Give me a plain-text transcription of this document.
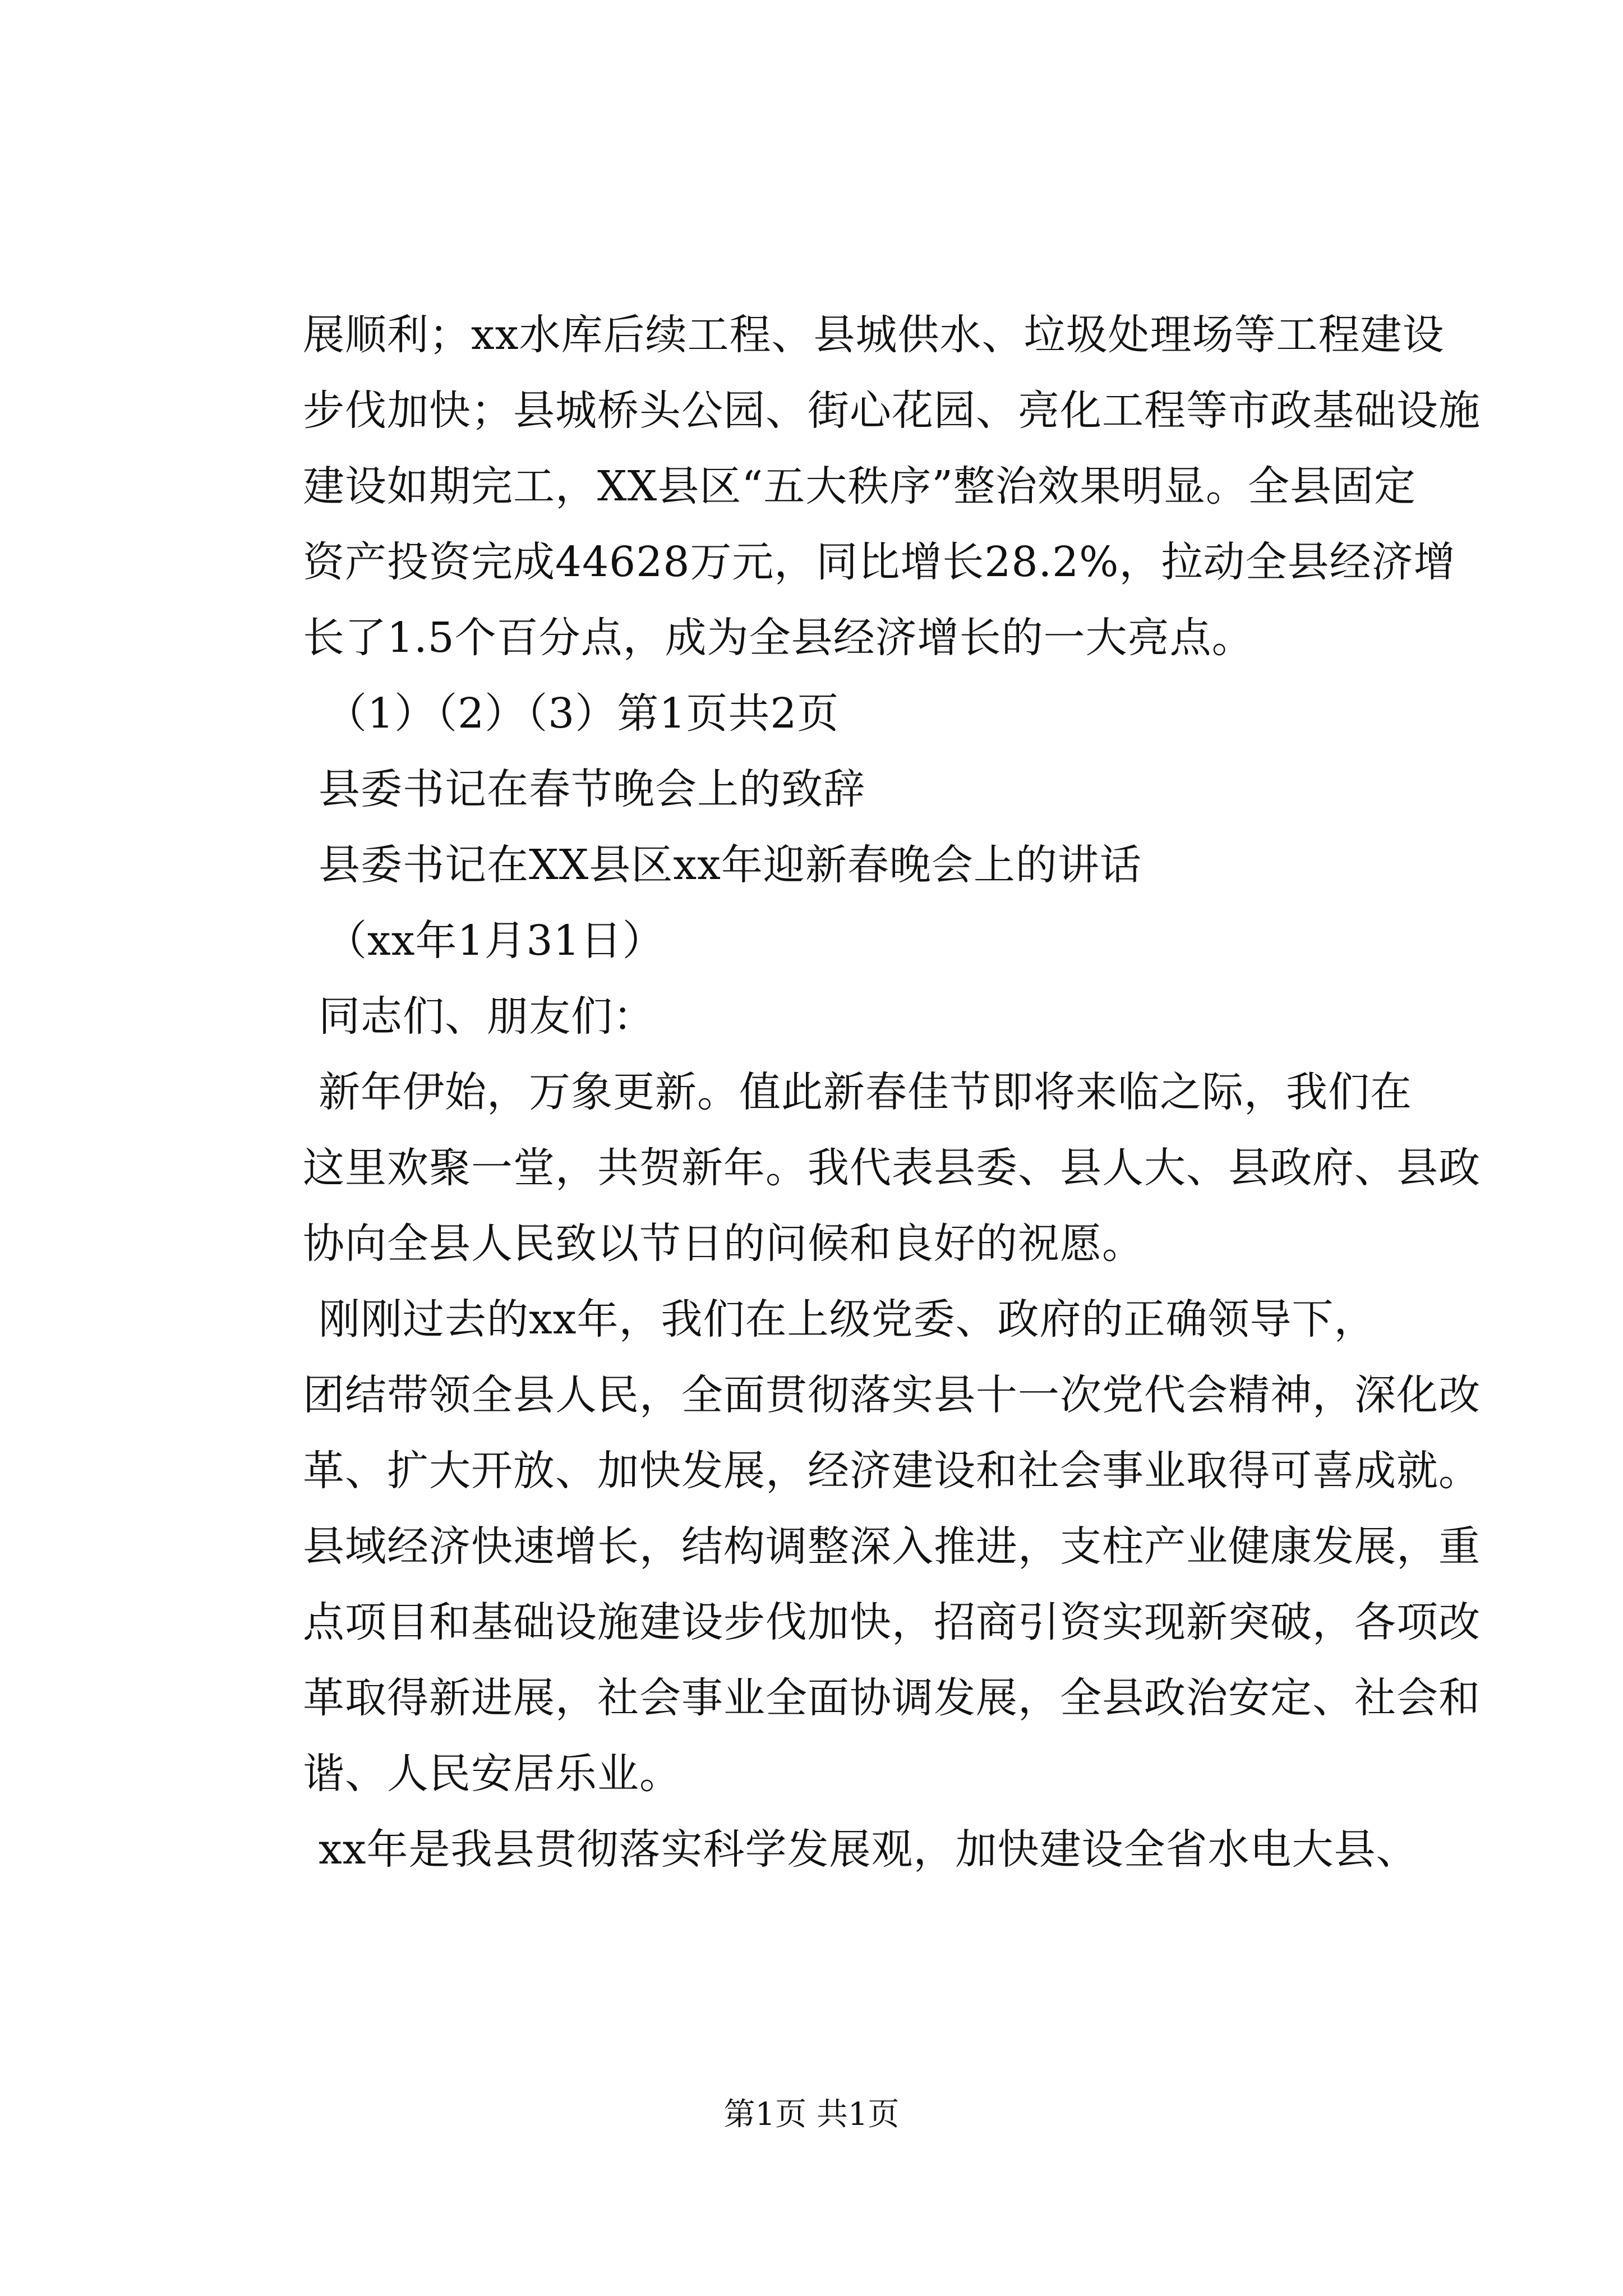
展顺利；xx水库后续工程、县城供水、垃圾处理场等工程建设
步伐加快；县城桥头公园、街心花园、亮化工程等市政基础设施
建设如期完工，XX县区“五大秩序”整治效果明显。全县固定
资产投资完成44628万元，同比增长28.2%，拉动全县经济增
长了1.5个百分点，成为全县经济增长的一大亮点。
（1）（2）（3）第1页共2页
县委书记在春节晚会上的致辞
县委书记在XX县区xx年迎新春晚会上的讲话
（xx年1月31日）
同志们、朋友们：
新年伊始，万象更新。值此新春佳节即将来临之际，我们在
这里欢聚一堂，共贺新年。我代表县委、县人大、县政府、县政
协向全县人民致以节日的问候和良好的祝愿。
刚刚过去的xx年，我们在上级党委、政府的正确领导下，
团结带领全县人民，全面贯彻落实县十一次党代会精神，深化改
革、扩大开放、加快发展，经济建设和社会事业取得可喜成就。
县域经济快速增长，结构调整深入推进，支柱产业健康发展，重
点项目和基础设施建设步伐加快，招商引资实现新突破，各项改
革取得新进展，社会事业全面协调发展，全县政治安定、社会和
谐、人民安居乐业。
xx年是我县贯彻落实科学发展观，加快建设全省水电大县、
第1页 共1页
